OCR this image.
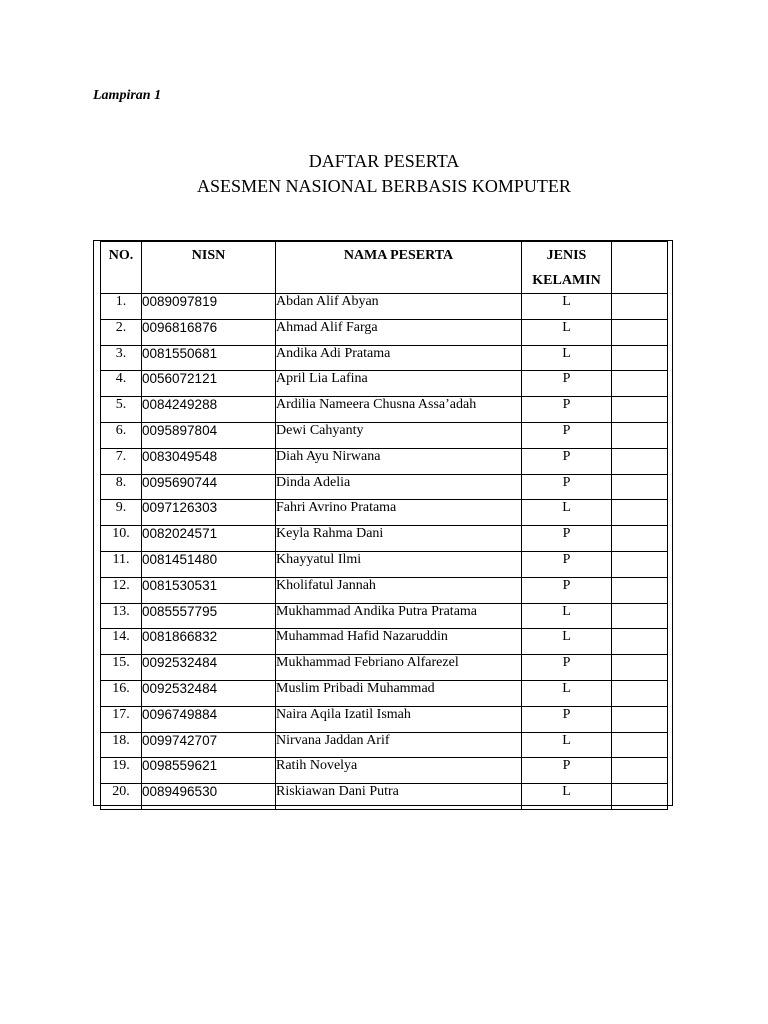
Lampiran 1
DAFTAR PESERTA
ASESMEN NASIONAL BERBASIS KOMPUTER
NO.	NISN	NAMA PESERTA	JENIS
KELAMIN	

1.	0089097819	Abdan Alif Abyan	L	
2.	0096816876	Ahmad Alif Farga	L	
3.	0081550681	Andika Adi Pratama	L	
4.	0056072121	April Lia Lafina	P	
5.	0084249288	Ardilia Nameera Chusna Assa’adah	P	
6.	0095897804	Dewi Cahyanty	P	
7.	0083049548	Diah Ayu Nirwana	P	
8.	0095690744	Dinda Adelia	P	
9.	0097126303	Fahri Avrino Pratama	L	
10.	0082024571	Keyla Rahma Dani	P	
11.	0081451480	Khayyatul Ilmi	P	
12.	0081530531	Kholifatul Jannah	P	
13.	0085557795	Mukhammad Andika Putra Pratama	L	
14.	0081866832	Muhammad Hafid Nazaruddin	L	
15.	0092532484	Mukhammad Febriano Alfarezel	P	
16.	0092532484	Muslim Pribadi Muhammad	L	
17.	0096749884	Naira Aqila Izatil Ismah	P	
18.	0099742707	Nirvana Jaddan Arif	L	
19.	0098559621	Ratih Novelya	P	
20.	0089496530	Riskiawan Dani Putra	L	
